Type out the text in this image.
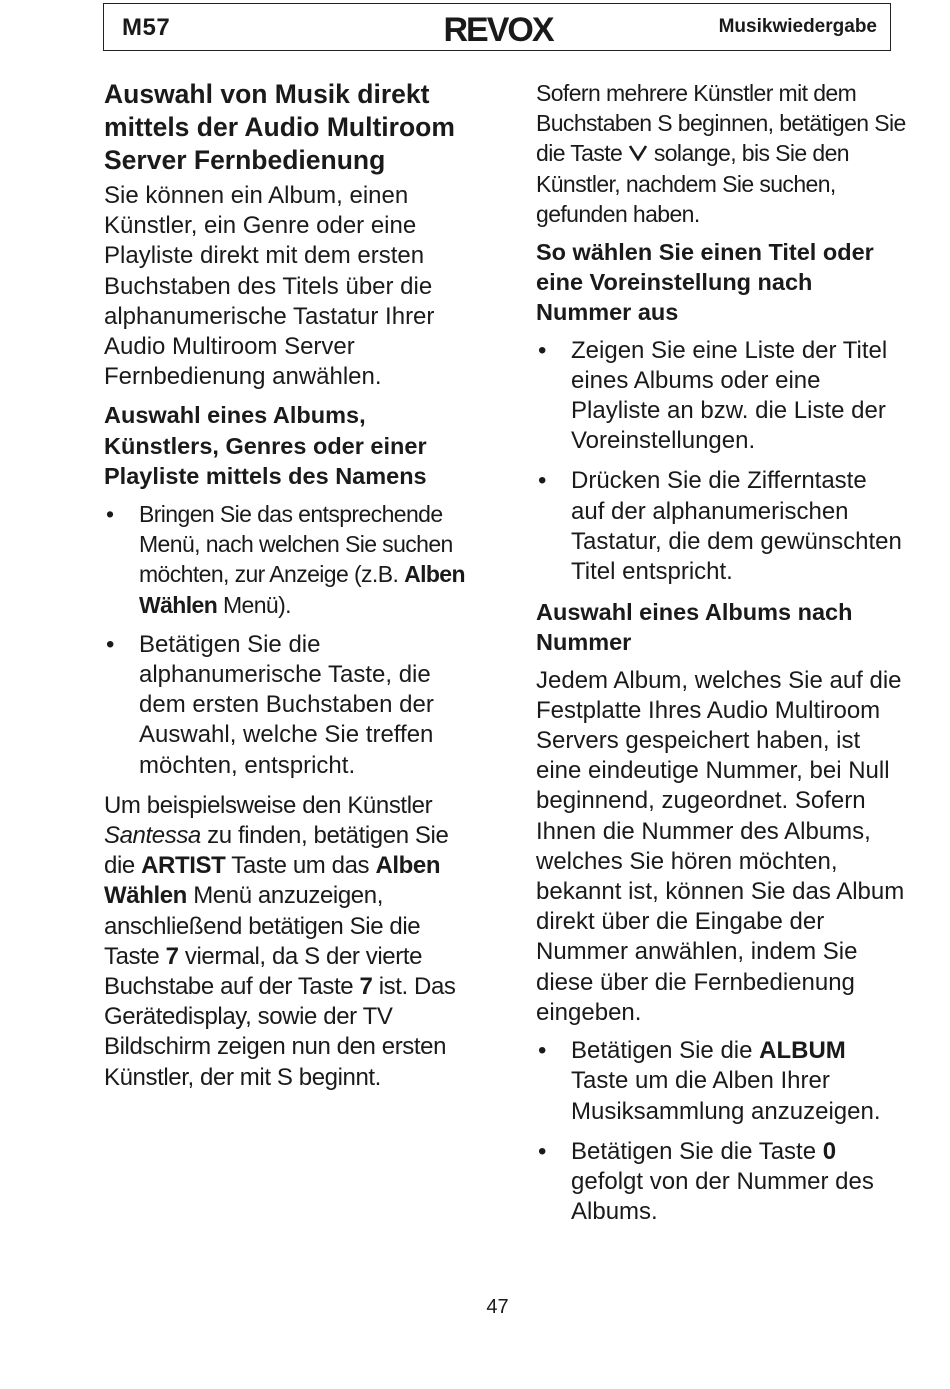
M57	REVOX	Musikwiedergabe
Auswahl von Musik direkt mittels der Audio Multiroom Server Fernbedienung

Sie können ein Album, einen Künstler, ein Genre oder eine Playliste direkt mit dem ersten Buchstaben des Titels über die alphanumerische Tastatur Ihrer Audio Multiroom Server Fernbedienung anwählen.

Auswahl eines Albums, Künstlers, Genres oder einer Playliste mittels des Namens
• Bringen Sie das entsprechende Menü, nach welchen Sie suchen möchten, zur Anzeige (z.B. Alben Wählen Menü).
• Betätigen Sie die alphanumerische Taste, die dem ersten Buchstaben der Auswahl, welche Sie treffen möchten, entspricht.

Um beispielsweise den Künstler Santessa zu finden, betätigen Sie die ARTIST Taste um das Alben Wählen Menü anzuzeigen, anschließend betätigen Sie die Taste 7 viermal, da S der vierte Buchstabe auf der Taste 7 ist. Das Gerätedisplay, sowie der TV Bildschirm zeigen nun den ersten Künstler, der mit S beginnt.

Sofern mehrere Künstler mit dem Buchstaben S beginnen, betätigen Sie die Taste solange, bis Sie den Künstler, nachdem Sie suchen, gefunden haben.

So wählen Sie einen Titel oder eine Voreinstellung nach Nummer aus
• Zeigen Sie eine Liste der Titel eines Albums oder eine Playliste an bzw. die Liste der Voreinstellungen.
• Drücken Sie die Zifferntaste auf der alphanumerischen Tastatur, die dem gewünschten Titel entspricht.
Auswahl eines Albums nach Nummer

Jedem Album, welches Sie auf die Festplatte Ihres Audio Multiroom Servers gespeichert haben, ist eine eindeutige Nummer, bei Null beginnend, zugeordnet. Sofern Ihnen die Nummer des Albums, welches Sie hören möchten, bekannt ist, können Sie das Album direkt über die Eingabe der Nummer anwählen, indem Sie diese über die Fernbedienung eingeben.

• Betätigen Sie die ALBUM Taste um die Alben Ihrer Musiksammlung anzuzeigen.
• Betätigen Sie die Taste 0 gefolgt von der Nummer des Albums.
47
